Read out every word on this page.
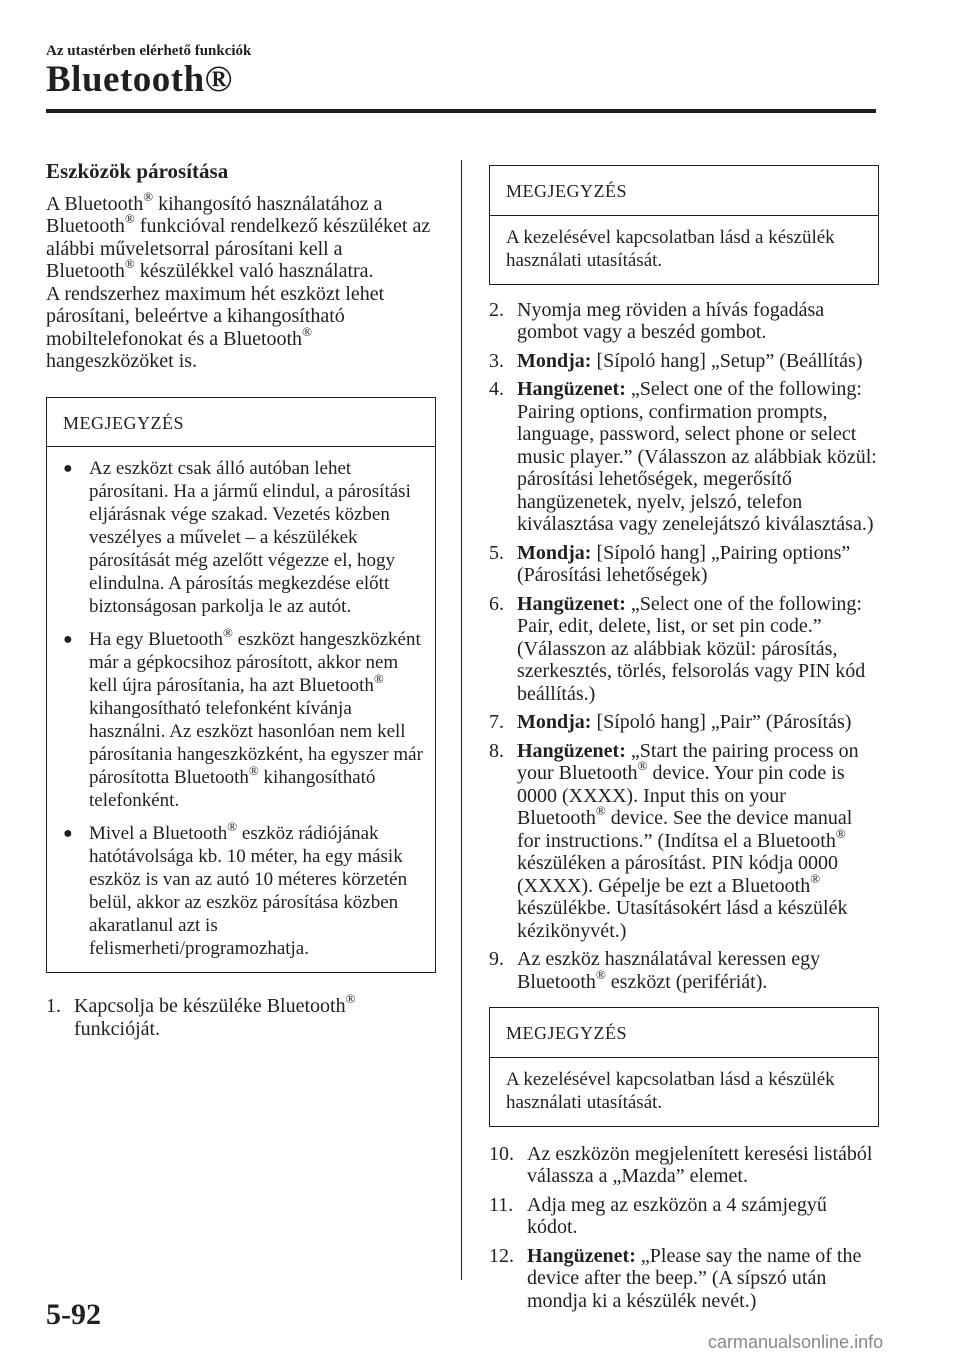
Az utastérben elérhető funkciók
Bluetooth®
Eszközök párosítása

A Bluetooth® kihangosító használatához a Bluetooth® funkcióval rendelkező készüléket az alábbi műveletsorral párosítani kell a Bluetooth® készülékkel való használatra.

A rendszerhez maximum hét eszközt lehet párosítani, beleértve a kihangosítható mobiltelefonokat és a Bluetooth® hangeszközöket is.

MEGJEGYZÉS
● Az eszközt csak álló autóban lehet párosítani. Ha a jármű elindul, a párosítási eljárásnak vége szakad. Vezetés közben veszélyes a művelet – a készülékek párosítását még azelőtt végezze el, hogy elindulna. A párosítás megkezdése előtt biztonságosan parkolja le az autót.
● Ha egy Bluetooth® eszközt hangeszközként már a gépkocsihoz párosított, akkor nem kell újra párosítania, ha azt Bluetooth® kihangosítható telefonként kívánja használni. Az eszközt hasonlóan nem kell párosítania hangeszközként, ha egyszer már párosította Bluetooth® kihangosítható telefonként.
● Mivel a Bluetooth® eszköz rádiójának hatótávolsága kb. 10 méter, ha egy másik eszköz is van az autó 10 méteres körzetén belül, akkor az eszköz párosítása közben akaratlanul azt is felismerheti/programozhatja.
1. Kapcsolja be készüléke Bluetooth® funkcióját.
MEGJEGYZÉS
A kezelésével kapcsolatban lásd a készülék használati utasítását.
2. Nyomja meg röviden a hívás fogadása gombot vagy a beszéd gombot.
3. Mondja: [Sípoló hang] „Setup” (Beállítás)
4. Hangüzenet: „Select one of the following: Pairing options, confirmation prompts, language, password, select phone or select music player.” (Válasszon az alábbiak közül: párosítási lehetőségek, megerősítő hangüzenetek, nyelv, jelszó, telefon kiválasztása vagy zenelejátszó kiválasztása.)
5. Mondja: [Sípoló hang] „Pairing options” (Párosítási lehetőségek)
6. Hangüzenet: „Select one of the following: Pair, edit, delete, list, or set pin code.” (Válasszon az alábbiak közül: párosítás, szerkesztés, törlés, felsorolás vagy PIN kód beállítás.)
7. Mondja: [Sípoló hang] „Pair” (Párosítás)
8. Hangüzenet: „Start the pairing process on your Bluetooth® device. Your pin code is 0000 (XXXX). Input this on your Bluetooth® device. See the device manual for instructions.” (Indítsa el a Bluetooth® készüléken a párosítást. PIN kódja 0000 (XXXX). Gépelje be ezt a Bluetooth® készülékbe. Utasításokért lásd a készülék kézikönyvét.)
9. Az eszköz használatával keressen egy Bluetooth® eszközt (perifériát).
MEGJEGYZÉS
A kezelésével kapcsolatban lásd a készülék használati utasítását.
10. Az eszközön megjelenített keresési listából válassza a „Mazda” elemet.
11. Adja meg az eszközön a 4 számjegyű kódot.
12. Hangüzenet: „Please say the name of the device after the beep.” (A sípszó után mondja ki a készülék nevét.)
5-92
carmanualsonline.info
